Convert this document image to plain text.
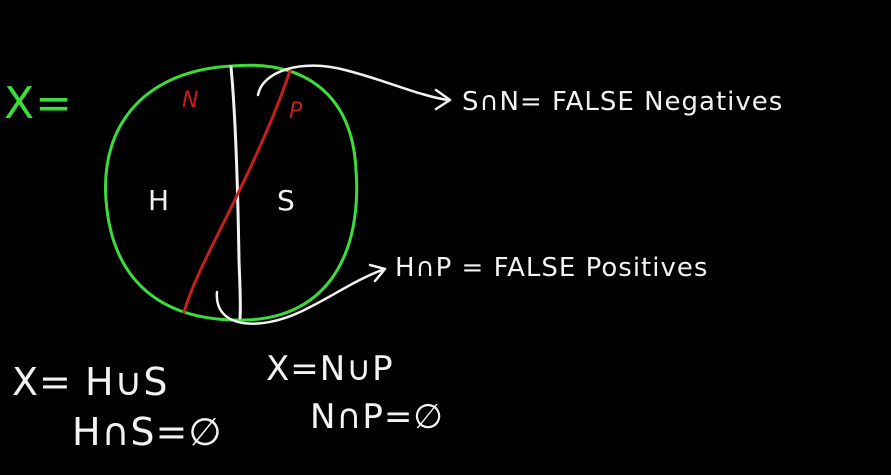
X=	N	P
H	S
S∩N= FALSE Negatives
H∩P = FALSE Positives
X= H∪S
H∩S=∅
X=N∪P
N∩P=∅
